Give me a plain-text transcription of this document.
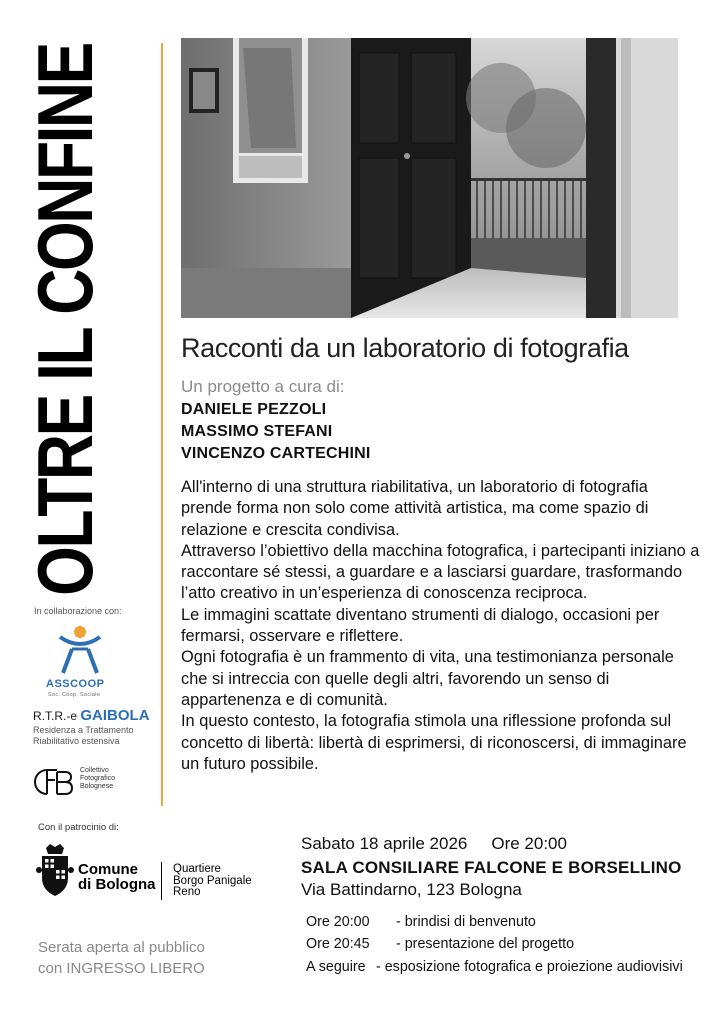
OLTRE IL CONFINE	Racconti da un laboratorio di fotografia
Un progetto a cura di:
DANIELE PEZZOLI
MASSIMO STEFANI
VINCENZO CARTECHINI

All'interno di una struttura riabilitativa, un laboratorio di fotografia prende forma non solo come attività artistica, ma come spazio di relazione e crescita condivisa.

Attraverso l’obiettivo della macchina fotografica, i partecipanti iniziano a raccontare sé stessi, a guardare e a lasciarsi guardare, trasformando l’atto creativo in un’esperienza di conoscenza reciproca.

Le immagini scattate diventano strumenti di dialogo, occasioni per fermarsi, osservare e riflettere.

Ogni fotografia è un frammento di vita, una testimonianza personale che si intreccia con quelle degli altri, favorendo un senso di appartenenza e di comunità.

In questo contesto, la fotografia stimola una riflessione profonda sul concetto di libertà: libertà di esprimersi, di riconoscersi, di immaginare un futuro possibile.

In collaborazione con:
ASSCOOP
Soc. Coop. Sociale
R.T.R.-e GAIBOLA
Residenza a Trattamento
Riabilitativo estensiva
Collettivo
Fotografico
Bolognese
Con il patrocinio di:
Comune
di Bologna
Quartiere
Borgo Panigale
Reno
Sabato 18 aprile 2026 Ore 20:00
SALA CONSILIARE FALCONE E BORSELLINO
Via Battindarno, 123 Bologna
Ore 20:00 - brindisi di benvenuto
Ore 20:45 - presentazione del progetto
A seguire - esposizione fotografica e proiezione audiovisivi
Serata aperta al pubblico
con INGRESSO LIBERO
